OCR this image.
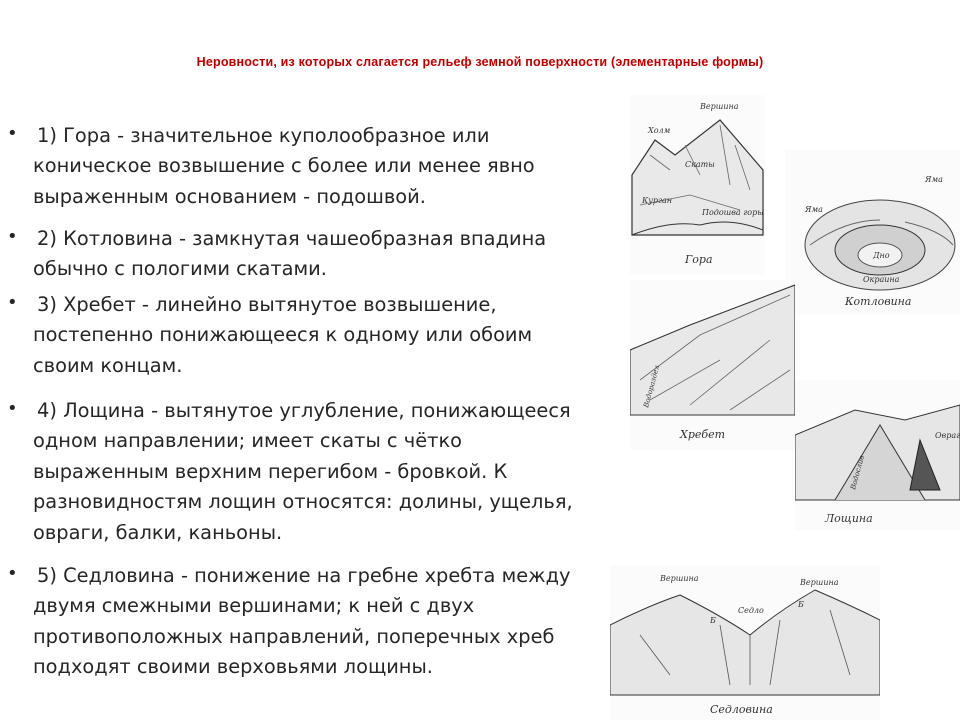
Неровности, из которых слагается рельеф земной поверхности (элементарные формы)
Вершина
Холм
Скаты
Курган
Подошва горы
Гора
Яма
Яма
Дно
Окраина
Котловина
Водораздел
Хребет	Овраг
Водослив
Лощина
Вершина	Вершина
Седло
Б
Б
Седловина
• 1) Гора - значительное куполообразное или
коническое возвышение с более или менее явно
выраженным основанием - подошвой.
• 2) Котловина - замкнутая чашеобразная впадина
обычно с пологими скатами.
• 3) Хребет - линейно вытянутое возвышение,
постепенно понижающееся к одному или обоим
своим концам.
• 4) Лощина - вытянутое углубление, понижающееся
одном направлении; имеет скаты с чётко
выраженным верхним перегибом - бровкой. К
разновидностям лощин относятся: долины, ущелья,
овраги, балки, каньоны.
• 5) Седловина - понижение на гребне хребта между
двумя смежными вершинами; к ней с двух
противоположных направлений, поперечных хреб
подходят своими верховьями лощины.
